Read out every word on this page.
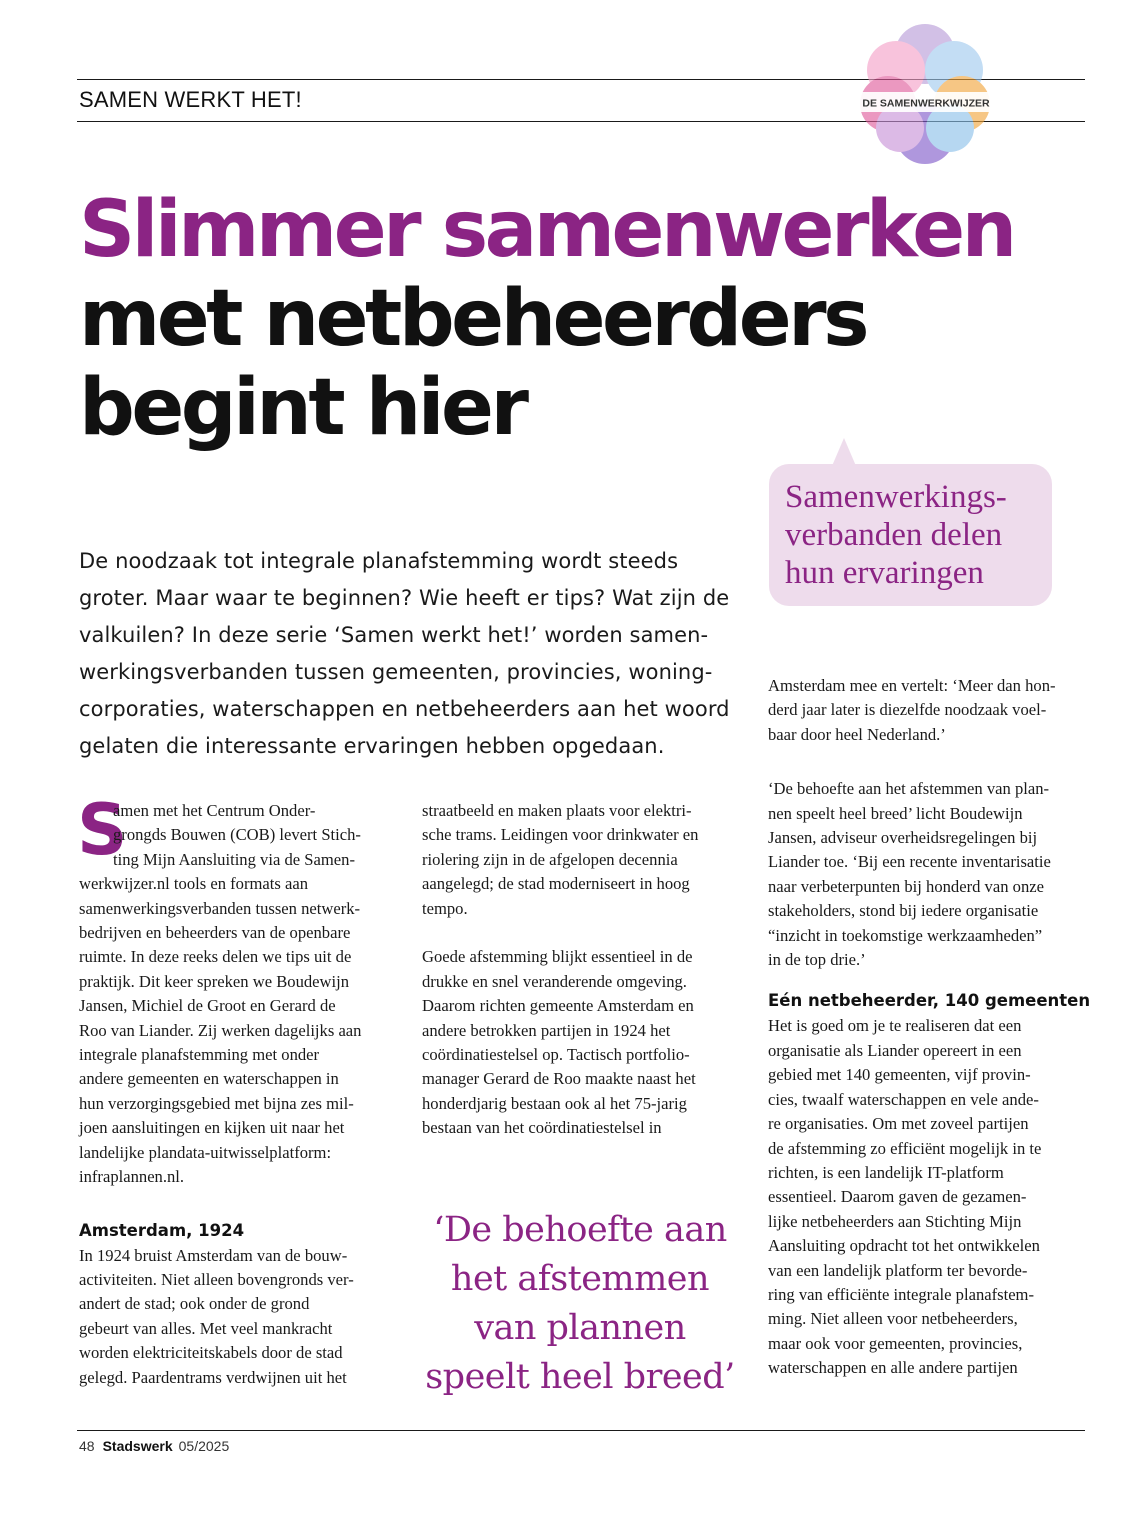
SAMEN WERKT HET!	DE SAMENWERKWIJZER
Slimmer samenwerken
met netbeheerders
begint hier
Samenwerkings-
verbanden delen
hun ervaringen
De noodzaak tot integrale planafstemming wordt steeds
groter. Maar waar te beginnen? Wie heeft er tips? Wat zijn de
valkuilen? In deze serie ‘Samen werkt het!’ worden samen-
werkingsverbanden tussen gemeenten, provincies, woning-
corporaties, waterschappen en netbeheerders aan het woord
gelaten die interessante ervaringen hebben opgedaan.
S
amen met het Centrum Onder-
grongds Bouwen (COB) levert Stich-
ting Mijn Aansluiting via de Samen-
werkwijzer.nl tools en formats aan
samenwerkingsverbanden tussen netwerk-
bedrijven en beheerders van de openbare
ruimte. In deze reeks delen we tips uit de
praktijk. Dit keer spreken we Boudewijn
Jansen, Michiel de Groot en Gerard de
Roo van Liander. Zij werken dagelijks aan
integrale planafstemming met onder
andere gemeenten en waterschappen in
hun verzorgingsgebied met bijna zes mil-
joen aansluitingen en kijken uit naar het
landelijke plandata-uitwisselplatform:
infraplannen.nl.
Amsterdam, 1924
In 1924 bruist Amsterdam van de bouw-
activiteiten. Niet alleen bovengronds ver-
andert de stad; ook onder de grond
gebeurt van alles. Met veel mankracht
worden elektriciteitskabels door de stad
gelegd. Paardentrams verdwijnen uit het
straatbeeld en maken plaats voor elektri-
sche trams. Leidingen voor drinkwater en
riolering zijn in de afgelopen decennia
aangelegd; de stad moderniseert in hoog
tempo.
Goede afstemming blijkt essentieel in de
drukke en snel veranderende omgeving.
Daarom richten gemeente Amsterdam en
andere betrokken partijen in 1924 het
coördinatiestelsel op. Tactisch portfolio-
manager Gerard de Roo maakte naast het
honderdjarig bestaan ook al het 75-jarig
bestaan van het coördinatiestelsel in
‘De behoefte aan
het afstemmen
van plannen
speelt heel breed’
Amsterdam mee en vertelt: ‘Meer dan hon-
derd jaar later is diezelfde noodzaak voel-
baar door heel Nederland.’
‘De behoefte aan het afstemmen van plan-
nen speelt heel breed’ licht Boudewijn
Jansen, adviseur overheidsregelingen bij
Liander toe. ‘Bij een recente inventarisatie
naar verbeterpunten bij honderd van onze
stakeholders, stond bij iedere organisatie
“inzicht in toekomstige werkzaamheden”
in de top drie.’
Eén netbeheerder, 140 gemeenten
Het is goed om je te realiseren dat een
organisatie als Liander opereert in een
gebied met 140 gemeenten, vijf provin-
cies, twaalf waterschappen en vele ande-
re organisaties. Om met zoveel partijen
de afstemming zo efficiënt mogelijk in te
richten, is een landelijk IT-platform
essentieel. Daarom gaven de gezamen-
lijke netbeheerders aan Stichting Mijn
Aansluiting opdracht tot het ontwikkelen
van een landelijk platform ter bevorde-
ring van efficiënte integrale planafstem-
ming. Niet alleen voor netbeheerders,
maar ook voor gemeenten, provincies,
waterschappen en alle andere partijen
48 Stadswerk 05/2025
